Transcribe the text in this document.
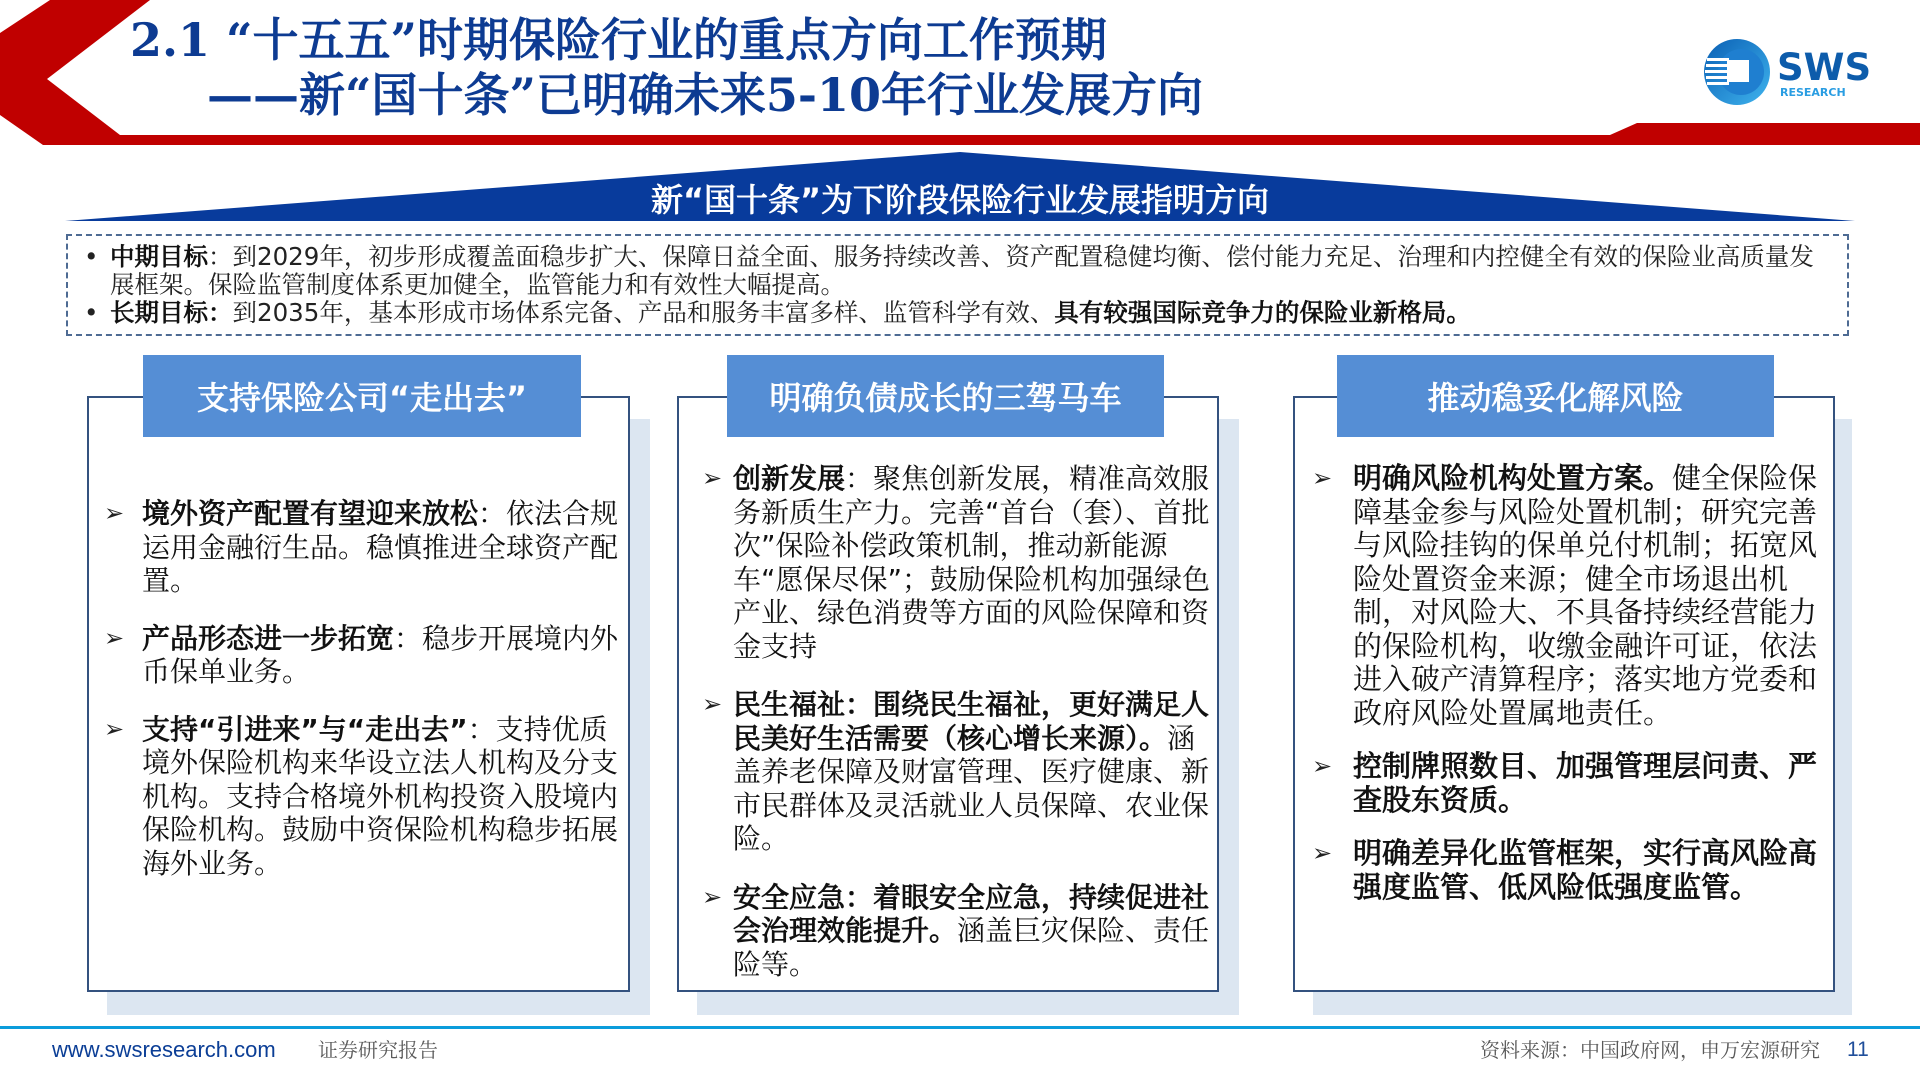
2.1 “十五五”时期保险行业的重点方向工作预期
——新“国十条”已明确未来5-10年行业发展方向
SWS
RESEARCH
新“国十条”为下阶段保险行业发展指明方向
• 中期目标：到2029年，初步形成覆盖面稳步扩大、保障日益全面、服务持续改善、资产配置稳健均衡、偿付能力充足、治理和内控健全有效的保险业高质量发展框架。保险监管制度体系更加健全，监管能力和有效性大幅提高。
• 长期目标：到2035年，基本形成市场体系完备、产品和服务丰富多样、监管科学有效、具有较强国际竞争力的保险业新格局。
支持保险公司“走出去”
➢ 境外资产配置有望迎来放松：依法合规运用金融衍生品。稳慎推进全球资产配置。
➢ 产品形态进一步拓宽：稳步开展境内外币保单业务。
➢ 支持“引进来”与“走出去”：支持优质境外保险机构来华设立法人机构及分支机构。支持合格境外机构投资入股境内保险机构。鼓励中资保险机构稳步拓展海外业务。
明确负债成长的三驾马车
➢ 创新发展：聚焦创新发展，精准高效服务新质生产力。完善“首台（套）、首批次”保险补偿政策机制，推动新能源车“愿保尽保”；鼓励保险机构加强绿色产业、绿色消费等方面的风险保障和资金支持
➢ 民生福祉：围绕民生福祉，更好满足人民美好生活需要（核心增长来源）。涵盖养老保障及财富管理、医疗健康、新市民群体及灵活就业人员保障、农业保险。
➢ 安全应急：着眼安全应急，持续促进社会治理效能提升。涵盖巨灾保险、责任险等。
推动稳妥化解风险
➢ 明确风险机构处置方案。健全保险保障基金参与风险处置机制；研究完善与风险挂钩的保单兑付机制；拓宽风险处置资金来源；健全市场退出机制，对风险大、不具备持续经营能力的保险机构，收缴金融许可证，依法进入破产清算程序；落实地方党委和政府风险处置属地责任。
➢ 控制牌照数目、加强管理层问责、严查股东资质。
➢ 明确差异化监管框架，实行高风险高强度监管、低风险低强度监管。
www.swsresearch.com 证券研究报告	资料来源：中国政府网，申万宏源研究 11
